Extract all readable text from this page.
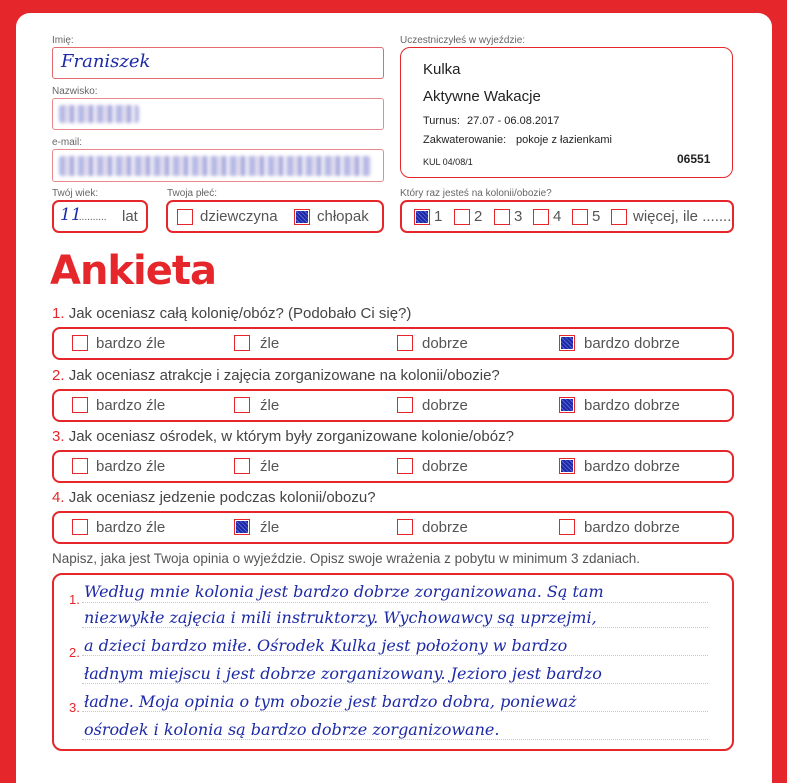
Imię:
Franiszek
Nazwisko:
e-mail:
Twój wiek:
11
........... lat
Twoja płeć:
dziewczyna	chłopak
Uczestniczyłeś w wyjeździe:
Kulka
Aktywne Wakacje
Turnus: 27.07 - 06.08.2017
Zakwaterowanie: pokoje z łazienkami
KUL 04/08/1	06551
Który raz jesteś na kolonii/obozie?
1 2 3 4 5 więcej, ile .......
Ankieta
1. Jak oceniasz całą kolonię/obóz? (Podobało Ci się?)
bardzo źle	źle	dobrze	bardzo dobrze
2. Jak oceniasz atrakcje i zajęcia zorganizowane na kolonii/obozie?
bardzo źle	źle	dobrze	bardzo dobrze
3. Jak oceniasz ośrodek, w którym były zorganizowane kolonie/obóz?
bardzo źle	źle	dobrze	bardzo dobrze
4. Jak oceniasz jedzenie podczas kolonii/obozu?
bardzo źle	źle	dobrze	bardzo dobrze
Napisz, jaka jest Twoja opinia o wyjeździe. Opisz swoje wrażenia z pobytu w minimum 3 zdaniach.
1.
2.
3.
Według mnie kolonia jest bardzo dobrze zorganizowana. Są tam
niezwykłe zajęcia i mili instruktorzy. Wychowawcy są uprzejmi,
a dzieci bardzo miłe. Ośrodek Kulka jest położony w bardzo
ładnym miejscu i jest dobrze zorganizowany. Jezioro jest bardzo
ładne. Moja opinia o tym obozie jest bardzo dobra, ponieważ
ośrodek i kolonia są bardzo dobrze zorganizowane.
